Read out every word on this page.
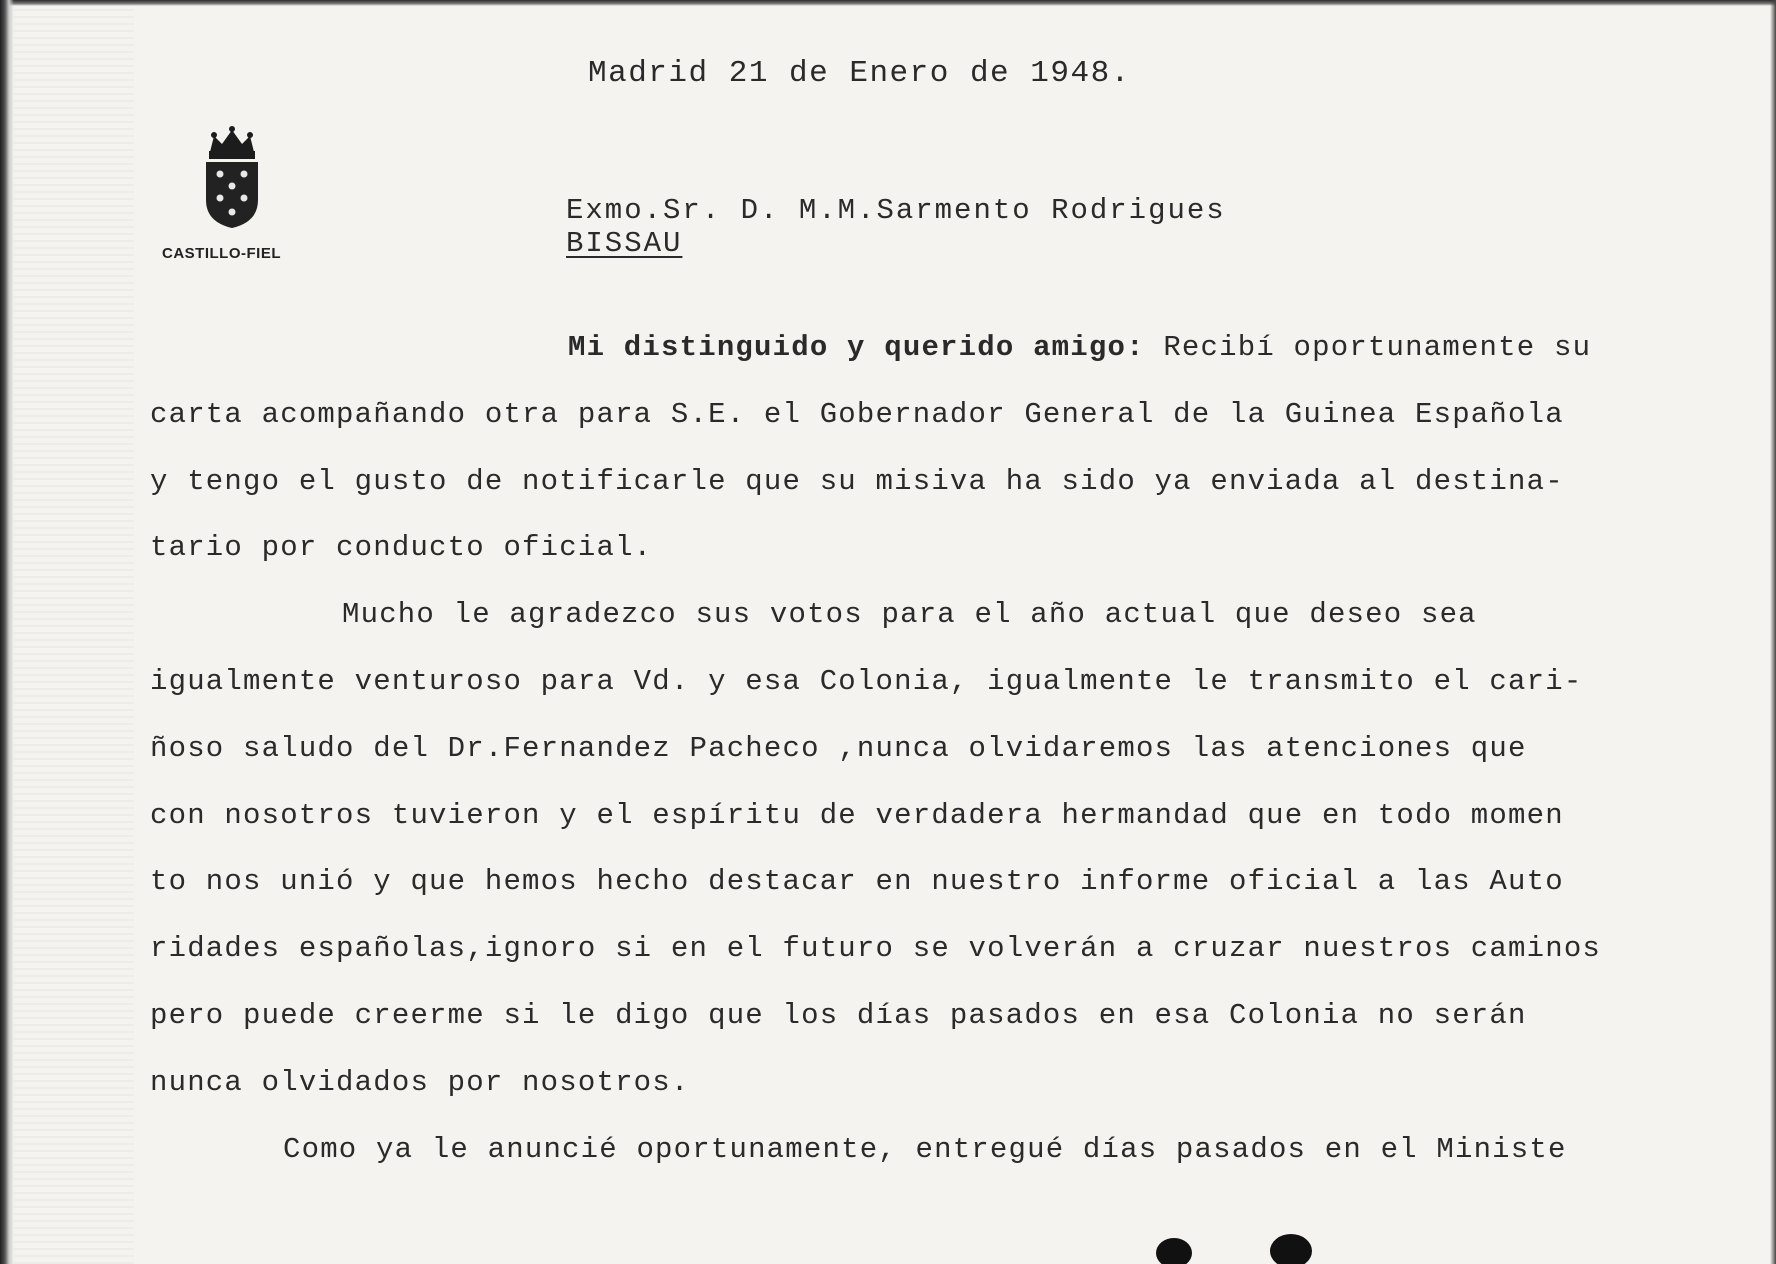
Madrid 21 de Enero de 1948.
CASTILLO-FIEL
Exmo.Sr. D. M.M.Sarmento Rodrigues
BISSAU
Mi distinguido y querido amigo: Recibí oportunamente su
carta acompañando otra para S.E. el Gobernador General de la Guinea Española
y tengo el gusto de notificarle que su misiva ha sido ya enviada al destina-
tario por conducto oficial.
Mucho le agradezco sus votos para el año actual que deseo sea
igualmente venturoso para Vd. y esa Colonia, igualmente le transmito el cari-
ñoso saludo del Dr.Fernandez Pacheco ,nunca olvidaremos las atenciones que
con nosotros tuvieron y el espíritu de verdadera hermandad que en todo momen
to nos unió y que hemos hecho destacar en nuestro informe oficial a las Auto
ridades españolas,ignoro si en el futuro se volverán a cruzar nuestros caminos
pero puede creerme si le digo que los días pasados en esa Colonia no serán
nunca olvidados por nosotros.
Como ya le anuncié oportunamente, entregué días pasados en el Ministe
